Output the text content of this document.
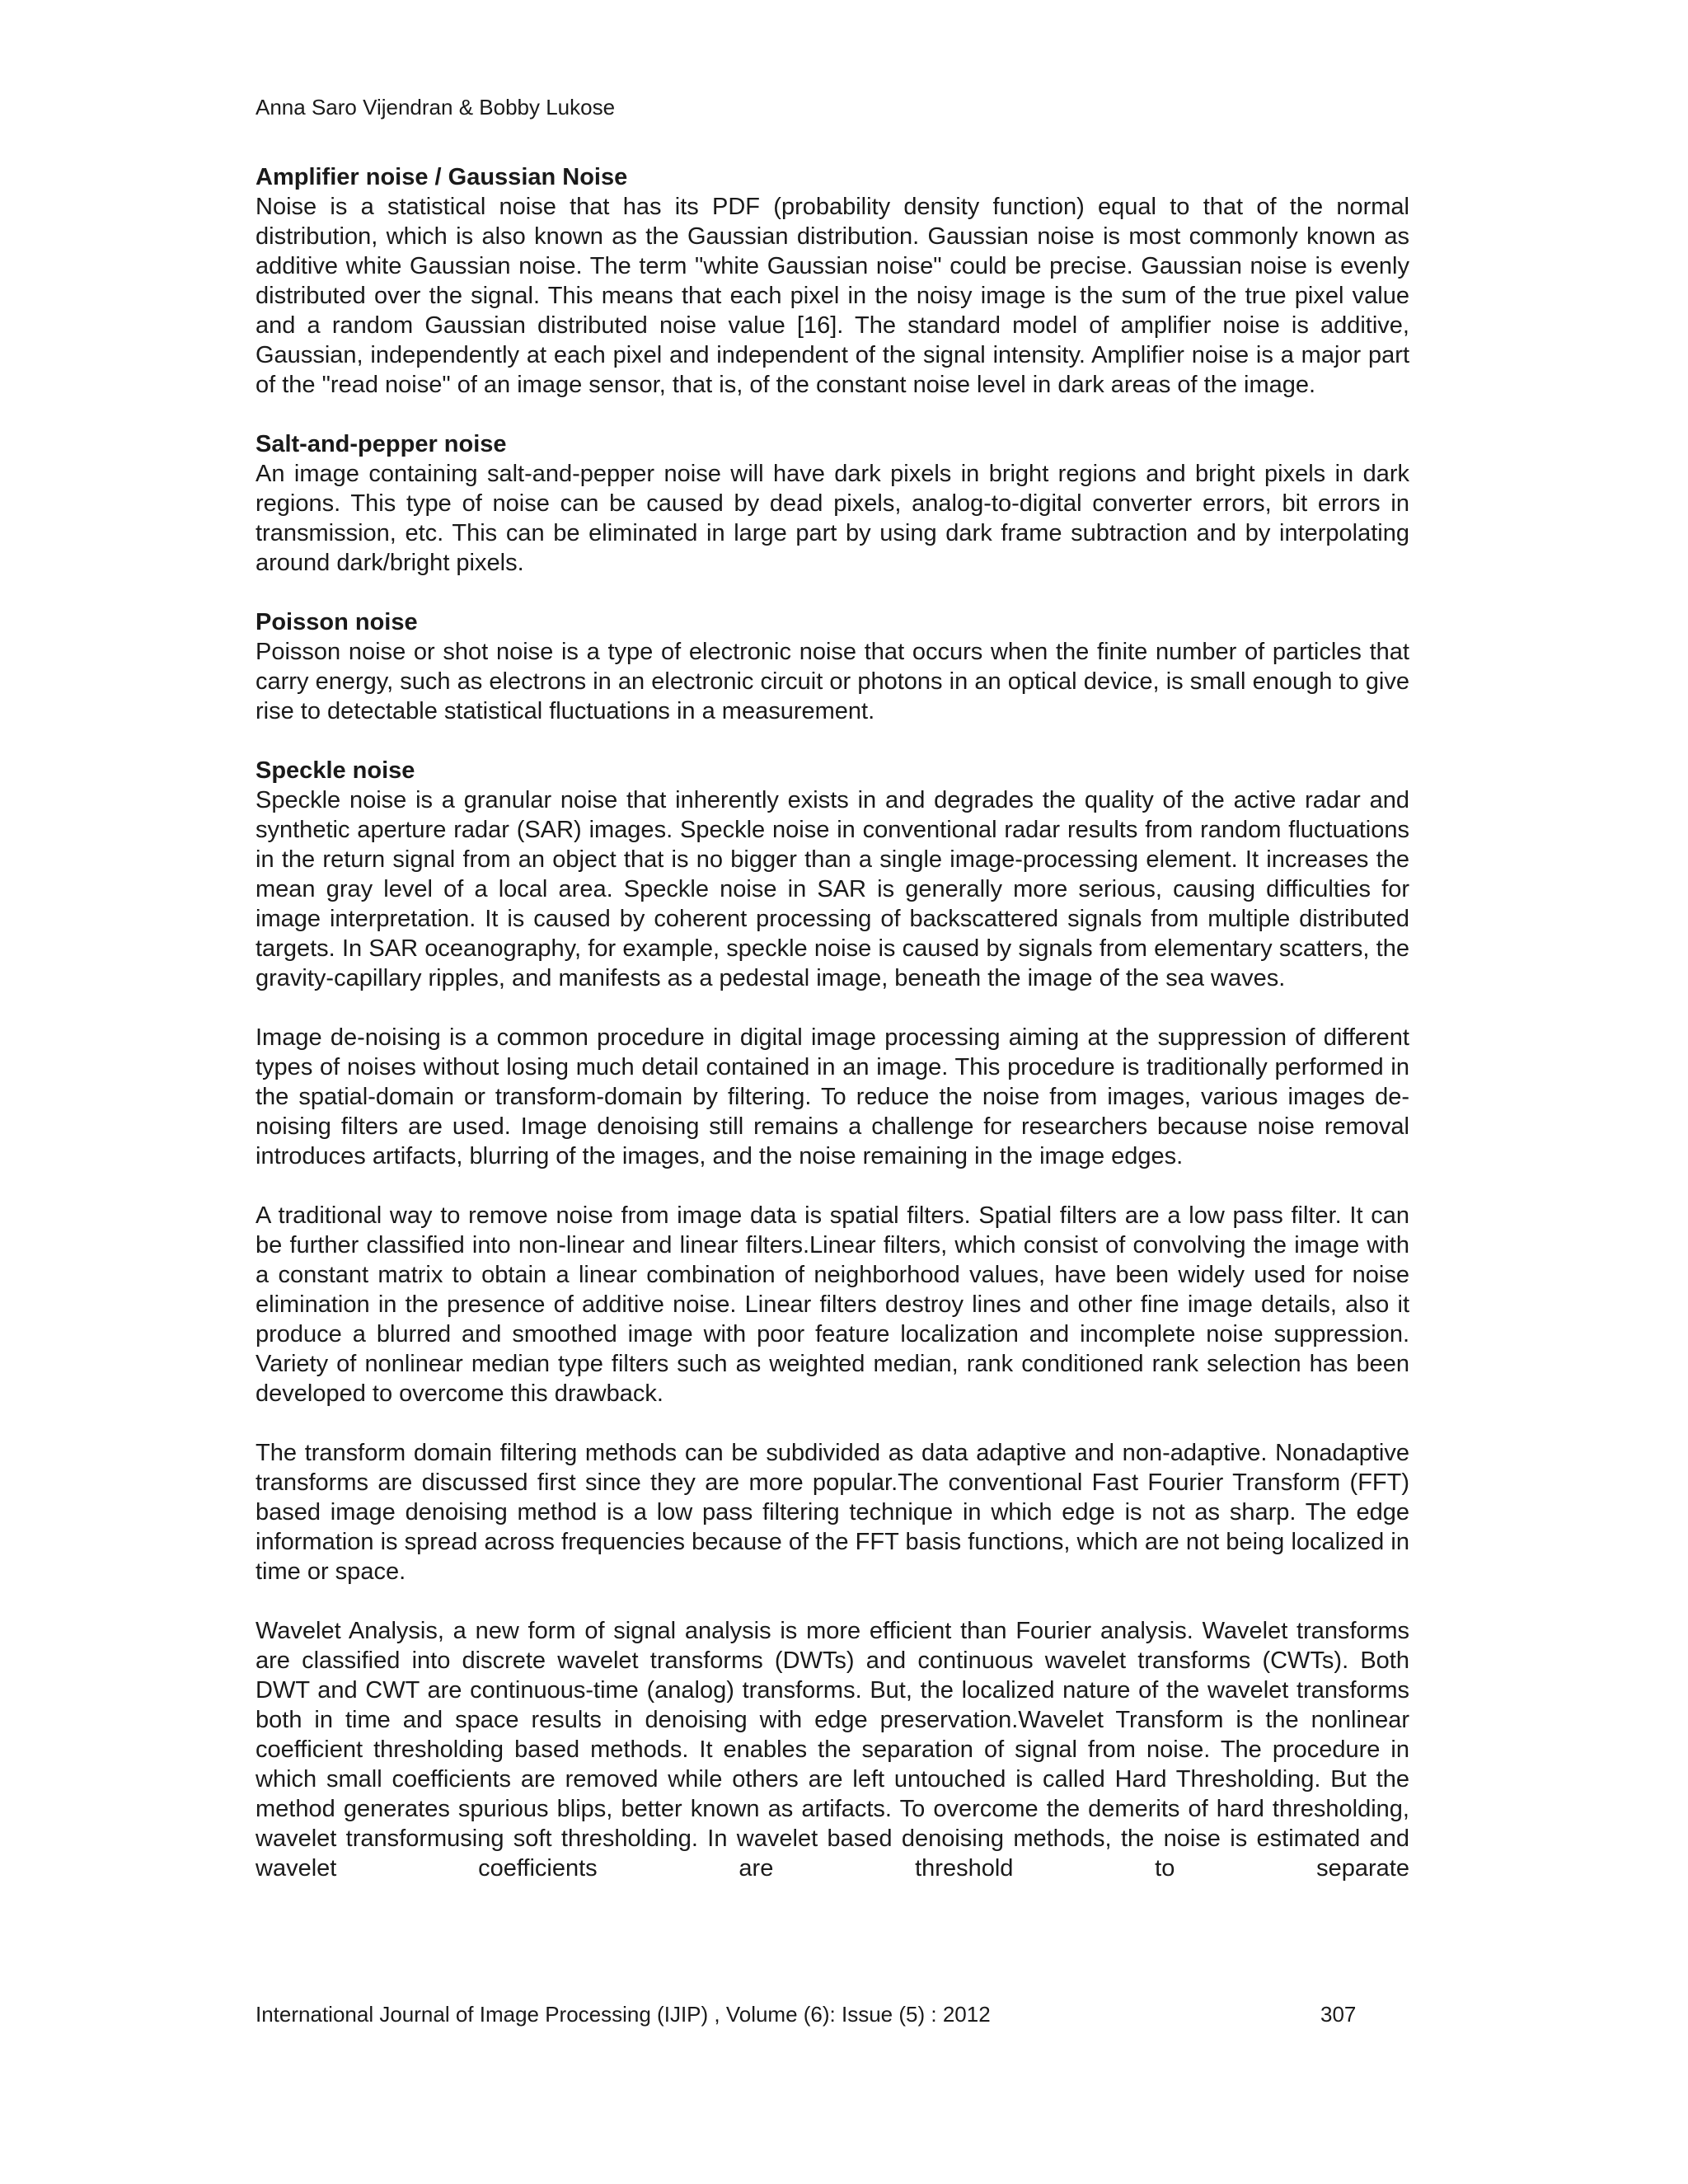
Anna Saro Vijendran & Bobby Lukose

Amplifier noise / Gaussian Noise

Noise is a statistical noise that has its PDF (probability density function) equal to that of the normal distribution, which is also known as the Gaussian distribution. Gaussian noise is most commonly known as additive white Gaussian noise. The term "white Gaussian noise" could be precise. Gaussian noise is evenly distributed over the signal. This means that each pixel in the noisy image is the sum of the true pixel value and a random Gaussian distributed noise value [16]. The standard model of amplifier noise is additive, Gaussian, independently at each pixel and independent of the signal intensity. Amplifier noise is a major part of the "read noise" of an image sensor, that is, of the constant noise level in dark areas of the image.

Salt-and-pepper noise

An image containing salt-and-pepper noise will have dark pixels in bright regions and bright pixels in dark regions. This type of noise can be caused by dead pixels, analog-to-digital converter errors, bit errors in transmission, etc. This can be eliminated in large part by using dark frame subtraction and by interpolating around dark/bright pixels.

Poisson noise

Poisson noise or shot noise is a type of electronic noise that occurs when the finite number of particles that carry energy, such as electrons in an electronic circuit or photons in an optical device, is small enough to give rise to detectable statistical fluctuations in a measurement.

Speckle noise

Speckle noise is a granular noise that inherently exists in and degrades the quality of the active radar and synthetic aperture radar (SAR) images. Speckle noise in conventional radar results from random fluctuations in the return signal from an object that is no bigger than a single image-processing element. It increases the mean gray level of a local area. Speckle noise in SAR is generally more serious, causing difficulties for image interpretation. It is caused by coherent processing of backscattered signals from multiple distributed targets. In SAR oceanography, for example, speckle noise is caused by signals from elementary scatters, the gravity-capillary ripples, and manifests as a pedestal image, beneath the image of the sea waves.

Image de-noising is a common procedure in digital image processing aiming at the suppression of different types of noises without losing much detail contained in an image. This procedure is traditionally performed in the spatial-domain or transform-domain by filtering. To reduce the noise from images, various images de-noising filters are used. Image denoising still remains a challenge for researchers because noise removal introduces artifacts, blurring of the images, and the noise remaining in the image edges.

A traditional way to remove noise from image data is spatial filters. Spatial filters are a low pass filter. It can be further classified into non-linear and linear filters.Linear filters, which consist of convolving the image with a constant matrix to obtain a linear combination of neighborhood values, have been widely used for noise elimination in the presence of additive noise. Linear filters destroy lines and other fine image details, also it produce a blurred and smoothed image with poor feature localization and incomplete noise suppression. Variety of nonlinear median type filters such as weighted median, rank conditioned rank selection has been developed to overcome this drawback.

The transform domain filtering methods can be subdivided as data adaptive and non-adaptive. Nonadaptive transforms are discussed first since they are more popular.The conventional Fast Fourier Transform (FFT) based image denoising method is a low pass filtering technique in which edge is not as sharp. The edge information is spread across frequencies because of the FFT basis functions, which are not being localized in time or space.

Wavelet Analysis, a new form of signal analysis is more efficient than Fourier analysis. Wavelet transforms are classified into discrete wavelet transforms (DWTs) and continuous wavelet transforms (CWTs). Both DWT and CWT are continuous-time (analog) transforms. But, the localized nature of the wavelet transforms both in time and space results in denoising with edge preservation.Wavelet Transform is the nonlinear coefficient thresholding based methods. It enables the separation of signal from noise. The procedure in which small coefficients are removed while others are left untouched is called Hard Thresholding. But the method generates spurious blips, better known as artifacts. To overcome the demerits of hard thresholding, wavelet transformusing soft thresholding. In wavelet based denoising methods, the noise is estimated and wavelet coefficients are threshold to separate

International Journal of Image Processing (IJIP) , Volume (6): Issue (5) : 2012	307
